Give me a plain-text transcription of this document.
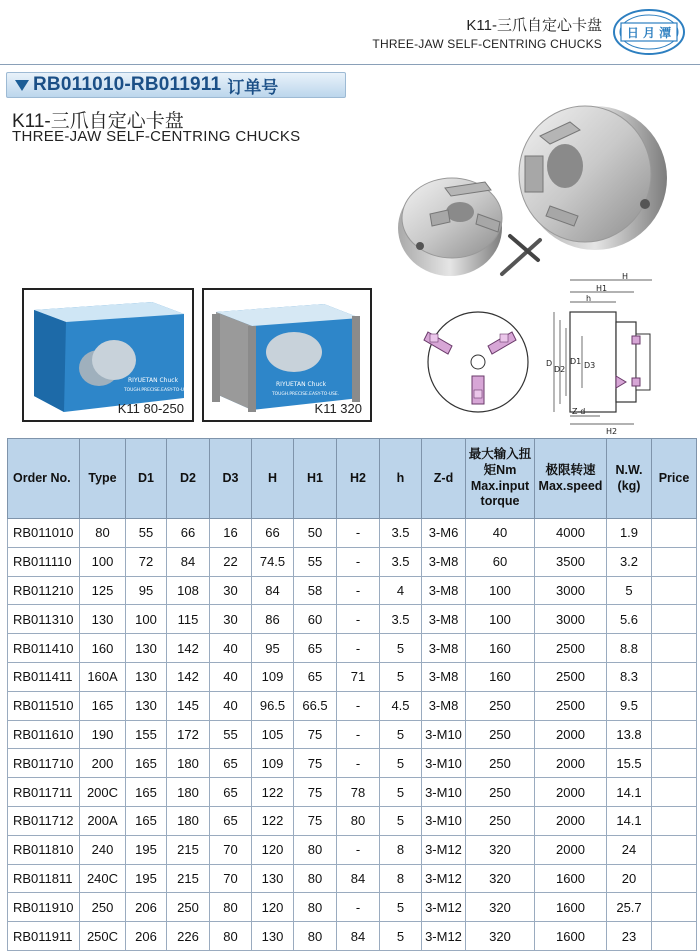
K11-三爪自定心卡盘
THREE-JAW SELF-CENTRING CHUCKS
日 月 潭
RB011010-RB011911 订单号
K11-三爪自定心卡盘
THREE-JAW SELF-CENTRING CHUCKS
RIYUETAN Chuck
TOUGH.PRECISE.EASY-TO-USE.
K11 80-250
RIYUETAN Chuck
TOUGH.PRECISE.EASY-TO-USE.
K11 320
H
H1
h
H2
D
D2
D1 D3
Z-d
Order No.	Type	D1	D2	D3	H	H1	H2	h	Z-d	最大输入扭矩Nm Max.input torque	极限转速 Max.speed	N.W. (kg)	Price
RB011010	80	55	66	16	66	50	-	3.5	3-M6	40	4000	1.9	
RB011110	100	72	84	22	74.5	55	-	3.5	3-M8	60	3500	3.2	
RB011210	125	95	108	30	84	58	-	4	3-M8	100	3000	5	
RB011310	130	100	115	30	86	60	-	3.5	3-M8	100	3000	5.6	
RB011410	160	130	142	40	95	65	-	5	3-M8	160	2500	8.8	
RB011411	160A	130	142	40	109	65	71	5	3-M8	160	2500	8.3	
RB011510	165	130	145	40	96.5	66.5	-	4.5	3-M8	250	2500	9.5	
RB011610	190	155	172	55	105	75	-	5	3-M10	250	2000	13.8	
RB011710	200	165	180	65	109	75	-	5	3-M10	250	2000	15.5	
RB011711	200C	165	180	65	122	75	78	5	3-M10	250	2000	14.1	
RB011712	200A	165	180	65	122	75	80	5	3-M10	250	2000	14.1	
RB011810	240	195	215	70	120	80	-	8	3-M12	320	2000	24	
RB011811	240C	195	215	70	130	80	84	8	3-M12	320	1600	20	
RB011910	250	206	250	80	120	80	-	5	3-M12	320	1600	25.7	
RB011911	250C	206	226	80	130	80	84	5	3-M12	320	1600	23	
